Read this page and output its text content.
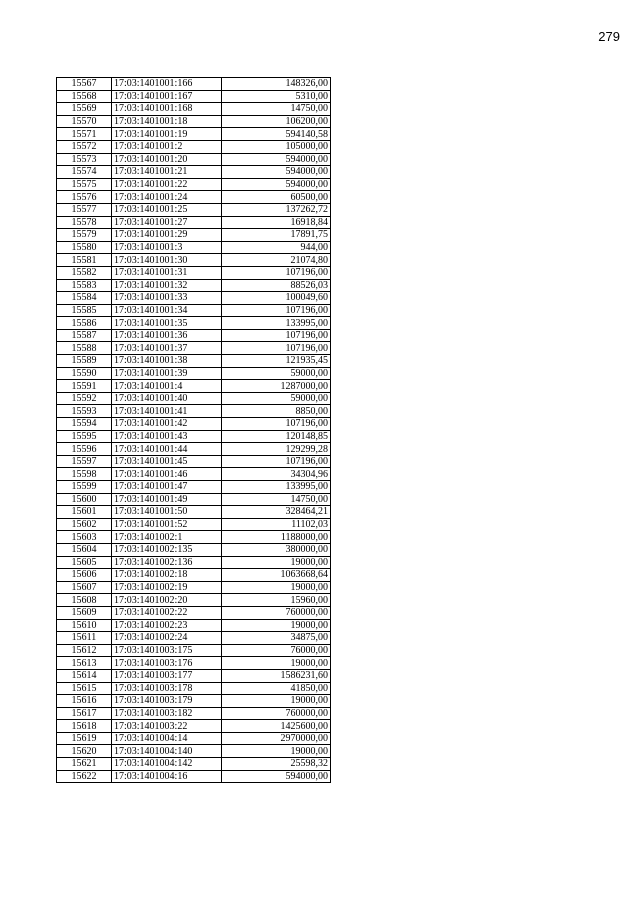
279
15567	17:03:1401001:166	148326,00
15568	17:03:1401001:167	5310,00
15569	17:03:1401001:168	14750,00
15570	17:03:1401001:18	106200,00
15571	17:03:1401001:19	594140,58
15572	17:03:1401001:2	105000,00
15573	17:03:1401001:20	594000,00
15574	17:03:1401001:21	594000,00
15575	17:03:1401001:22	594000,00
15576	17:03:1401001:24	60500,00
15577	17:03:1401001:25	137262,72
15578	17:03:1401001:27	16918,84
15579	17:03:1401001:29	17891,75
15580	17:03:1401001:3	944,00
15581	17:03:1401001:30	21074,80
15582	17:03:1401001:31	107196,00
15583	17:03:1401001:32	88526,03
15584	17:03:1401001:33	100049,60
15585	17:03:1401001:34	107196,00
15586	17:03:1401001:35	133995,00
15587	17:03:1401001:36	107196,00
15588	17:03:1401001:37	107196,00
15589	17:03:1401001:38	121935,45
15590	17:03:1401001:39	59000,00
15591	17:03:1401001:4	1287000,00
15592	17:03:1401001:40	59000,00
15593	17:03:1401001:41	8850,00
15594	17:03:1401001:42	107196,00
15595	17:03:1401001:43	120148,85
15596	17:03:1401001:44	129299,28
15597	17:03:1401001:45	107196,00
15598	17:03:1401001:46	34304,96
15599	17:03:1401001:47	133995,00
15600	17:03:1401001:49	14750,00
15601	17:03:1401001:50	328464,21
15602	17:03:1401001:52	11102,03
15603	17:03:1401002:1	1188000,00
15604	17:03:1401002:135	380000,00
15605	17:03:1401002:136	19000,00
15606	17:03:1401002:18	1063668,64
15607	17:03:1401002:19	19000,00
15608	17:03:1401002:20	15960,00
15609	17:03:1401002:22	760000,00
15610	17:03:1401002:23	19000,00
15611	17:03:1401002:24	34875,00
15612	17:03:1401003:175	76000,00
15613	17:03:1401003:176	19000,00
15614	17:03:1401003:177	1586231,60
15615	17:03:1401003:178	41850,00
15616	17:03:1401003:179	19000,00
15617	17:03:1401003:182	760000,00
15618	17:03:1401003:22	1425600,00
15619	17:03:1401004:14	2970000,00
15620	17:03:1401004:140	19000,00
15621	17:03:1401004:142	25598,32
15622	17:03:1401004:16	594000,00
